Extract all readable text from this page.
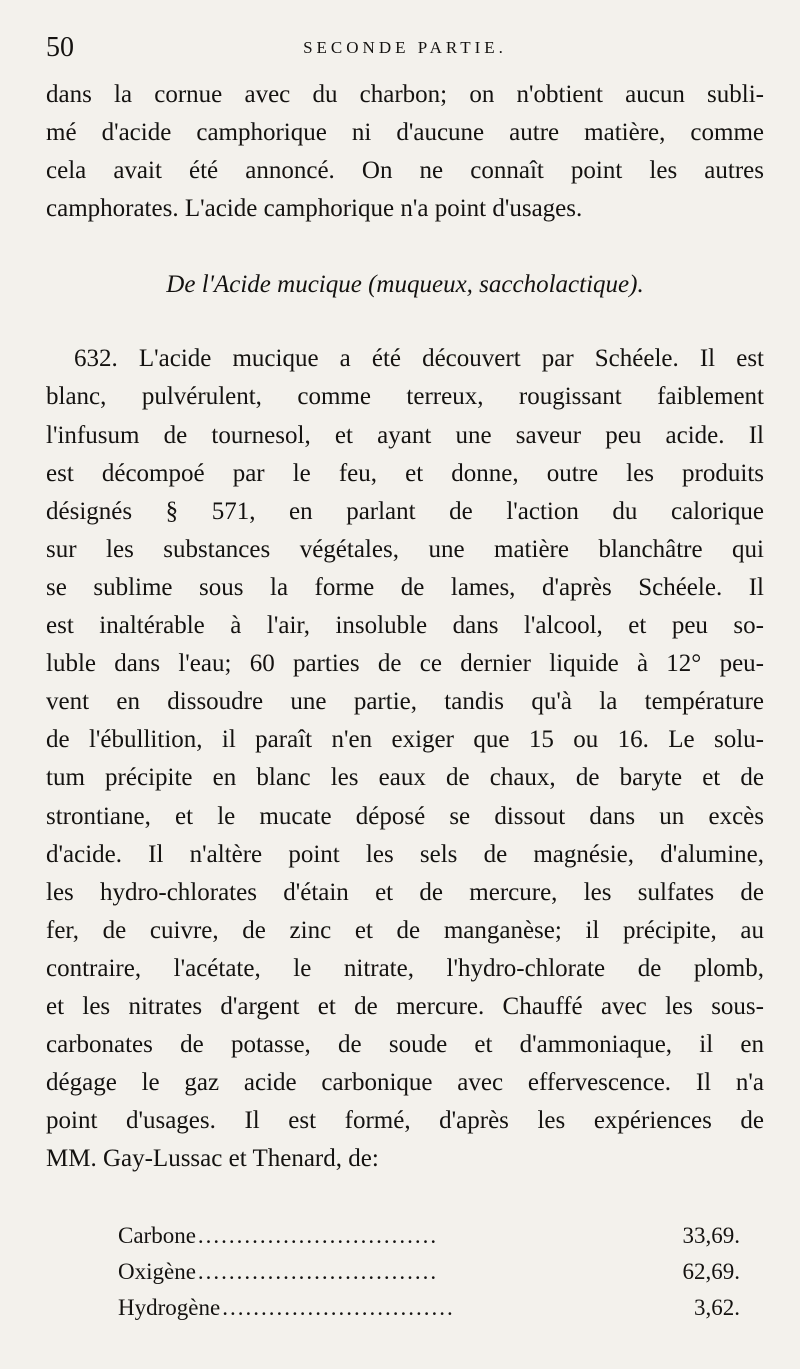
50	SECONDE PARTIE.

dans la cornue avec du charbon; on n'obtient aucun subli-
mé d'acide camphorique ni d'aucune autre matière, comme
cela avait été annoncé. On ne connaît point les autres
camphorates. L'acide camphorique n'a point d'usages.

De l'Acide mucique (muqueux, saccholactique).

632. L'acide mucique a été découvert par Schéele. Il est
blanc, pulvérulent, comme terreux, rougissant faiblement
l'infusum de tournesol, et ayant une saveur peu acide. Il
est décompoé par le feu, et donne, outre les produits
désignés § 571, en parlant de l'action du calorique
sur les substances végétales, une matière blanchâtre qui
se sublime sous la forme de lames, d'après Schéele. Il
est inaltérable à l'air, insoluble dans l'alcool, et peu so-
luble dans l'eau; 60 parties de ce dernier liquide à 12° peu-
vent en dissoudre une partie, tandis qu'à la température
de l'ébullition, il paraît n'en exiger que 15 ou 16. Le solu-
tum précipite en blanc les eaux de chaux, de baryte et de
strontiane, et le mucate déposé se dissout dans un excès
d'acide. Il n'altère point les sels de magnésie, d'alumine,
les hydro-chlorates d'étain et de mercure, les sulfates de
fer, de cuivre, de zinc et de manganèse; il précipite, au
contraire, l'acétate, le nitrate, l'hydro-chlorate de plomb,
et les nitrates d'argent et de mercure. Chauffé avec les sous-
carbonates de potasse, de soude et d'ammoniaque, il en
dégage le gaz acide carbonique avec effervescence. Il n'a
point d'usages. Il est formé, d'après les expériences de
MM. Gay-Lussac et Thenard, de:

Carbone ...............................	33,69.
Oxigène ...............................	62,69.
Hydrogène ..............................	3,62.
